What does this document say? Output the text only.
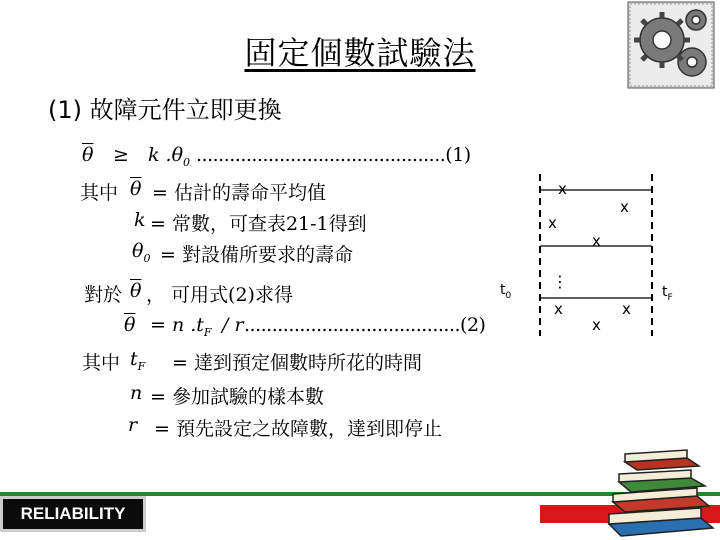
固定個數試驗法
(1) 故障元件立即更換
$\overline{\theta} \ge k$ $.\theta_0$ .............................................(1)
其中 $\overline{\theta}$ = 估計的壽命平均值
k = 常數，可查表21-1得到
$\theta_0$ = 對設備所要求的壽命
對於 $\overline{\theta}$ ， 可用式(2)求得
$\overline{\theta} = n$ $.t_F$ / r .......................................(2)
其中 $t_F$ = 達到預定個數時所花的時間
n = 參加試驗的樣本數
r = 預先設定之故障數，達到即停止
x
x
x
x
x	x
x
⋮
$t_0$	$t_F$
RELIABILITY
